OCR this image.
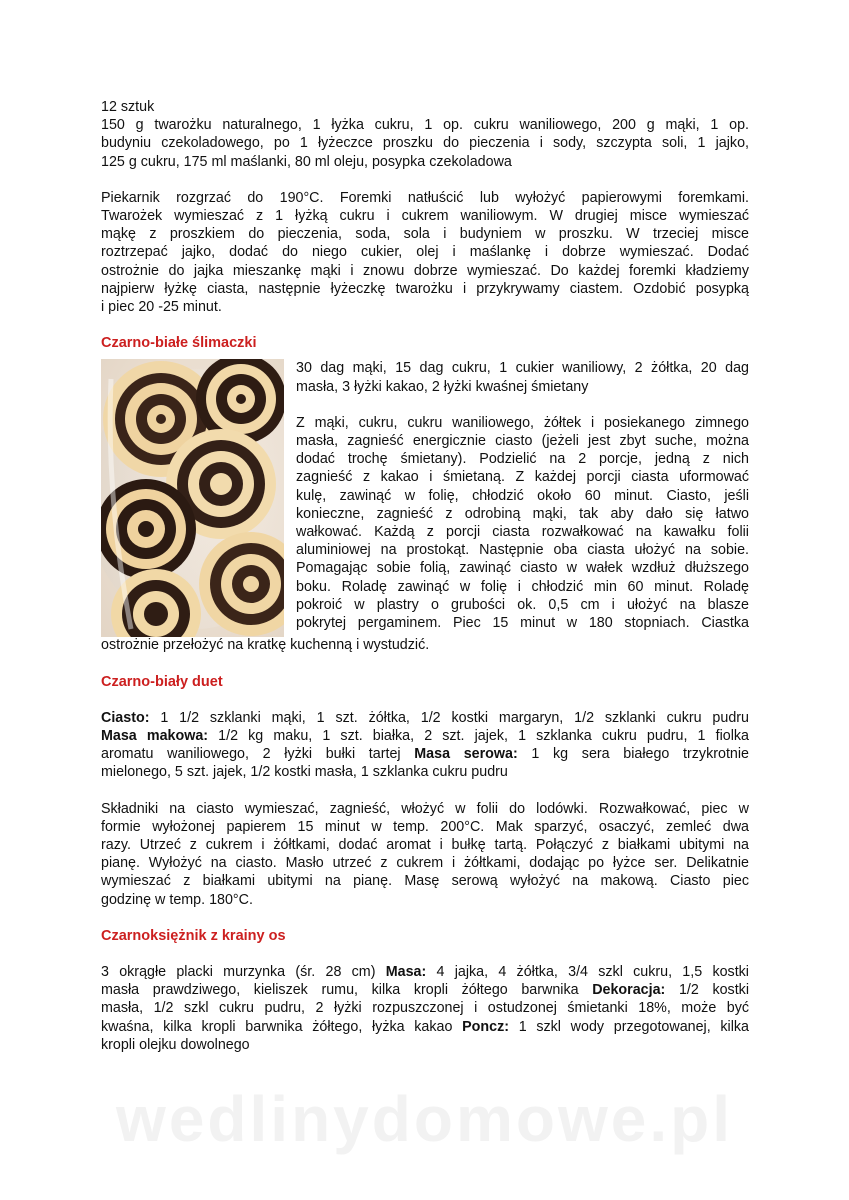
12 sztuk
150 g twarożku naturalnego, 1 łyżka cukru, 1 op. cukru waniliowego, 200 g mąki, 1 op.
budyniu czekoladowego, po 1 łyżeczce proszku do pieczenia i sody, szczypta soli, 1 jajko,
125 g cukru, 175 ml maślanki, 80 ml oleju, posypka czekoladowa
Piekarnik rozgrzać do 190°C. Foremki natłuścić lub wyłożyć papierowymi foremkami.
Twarożek wymieszać z 1 łyżką cukru i cukrem waniliowym. W drugiej misce wymieszać
mąkę z proszkiem do pieczenia, soda, sola i budyniem w proszku. W trzeciej misce
roztrzepać jajko, dodać do niego cukier, olej i maślankę i dobrze wymieszać. Dodać
ostrożnie do jajka mieszankę mąki i znowu dobrze wymieszać. Do każdej foremki kładziemy
najpierw łyżkę ciasta, następnie łyżeczkę twarożku i przykrywamy ciastem. Ozdobić posypką
i piec 20 -25 minut.
Czarno-białe ślimaczki
30 dag mąki, 15 dag cukru, 1 cukier waniliowy, 2 żółtka, 20 dag
masła, 3 łyżki kakao, 2 łyżki kwaśnej śmietany
Z mąki, cukru, cukru waniliowego, żółtek i posiekanego zimnego
masła, zagnieść energicznie ciasto (jeżeli jest zbyt suche, można
dodać trochę śmietany). Podzielić na 2 porcje, jedną z nich
zagnieść z kakao i śmietaną. Z każdej porcji ciasta uformować
kulę, zawinąć w folię, chłodzić około 60 minut. Ciasto, jeśli
konieczne, zagnieść z odrobiną mąki, tak aby dało się łatwo
wałkować. Każdą z porcji ciasta rozwałkować na kawałku folii
aluminiowej na prostokąt. Następnie oba ciasta ułożyć na sobie.
Pomagając sobie folią, zawinąć ciasto w wałek wzdłuż dłuższego
boku. Roladę zawinąć w folię i chłodzić min 60 minut. Roladę
pokroić w plastry o grubości ok. 0,5 cm i ułożyć na blasze
pokrytej pergaminem. Piec 15 minut w 180 stopniach. Ciastka
ostrożnie przełożyć na kratkę kuchenną i wystudzić.
Czarno-biały duet
Ciasto: 1 1/2 szklanki mąki, 1 szt. żółtka, 1/2 kostki margaryn, 1/2 szklanki cukru pudru
Masa makowa: 1/2 kg maku, 1 szt. białka, 2 szt. jajek, 1 szklanka cukru pudru, 1 fiolka
aromatu waniliowego, 2 łyżki bułki tartej Masa serowa: 1 kg sera białego trzykrotnie
mielonego, 5 szt. jajek, 1/2 kostki masła, 1 szklanka cukru pudru
Składniki na ciasto wymieszać, zagnieść, włożyć w folii do lodówki. Rozwałkować, piec w
formie wyłożonej papierem 15 minut w temp. 200°C. Mak sparzyć, osaczyć, zemleć dwa
razy. Utrzeć z cukrem i żółtkami, dodać aromat i bułkę tartą. Połączyć z białkami ubitymi na
pianę. Wyłożyć na ciasto. Masło utrzeć z cukrem i żółtkami, dodając po łyżce ser. Delikatnie
wymieszać z białkami ubitymi na pianę. Masę serową wyłożyć na makową. Ciasto piec
godzinę w temp. 180°C.
Czarnoksiężnik z krainy os
3 okrągłe placki murzynka (śr. 28 cm) Masa: 4 jajka, 4 żółtka, 3/4 szkl cukru, 1,5 kostki
masła prawdziwego, kieliszek rumu, kilka kropli żółtego barwnika Dekoracja: 1/2 kostki
masła, 1/2 szkl cukru pudru, 2 łyżki rozpuszczonej i ostudzonej śmietanki 18%, może być
kwaśna, kilka kropli barwnika żółtego, łyżka kakao Poncz: 1 szkl wody przegotowanej, kilka
kropli olejku dowolnego
wedlinydomowe.pl
